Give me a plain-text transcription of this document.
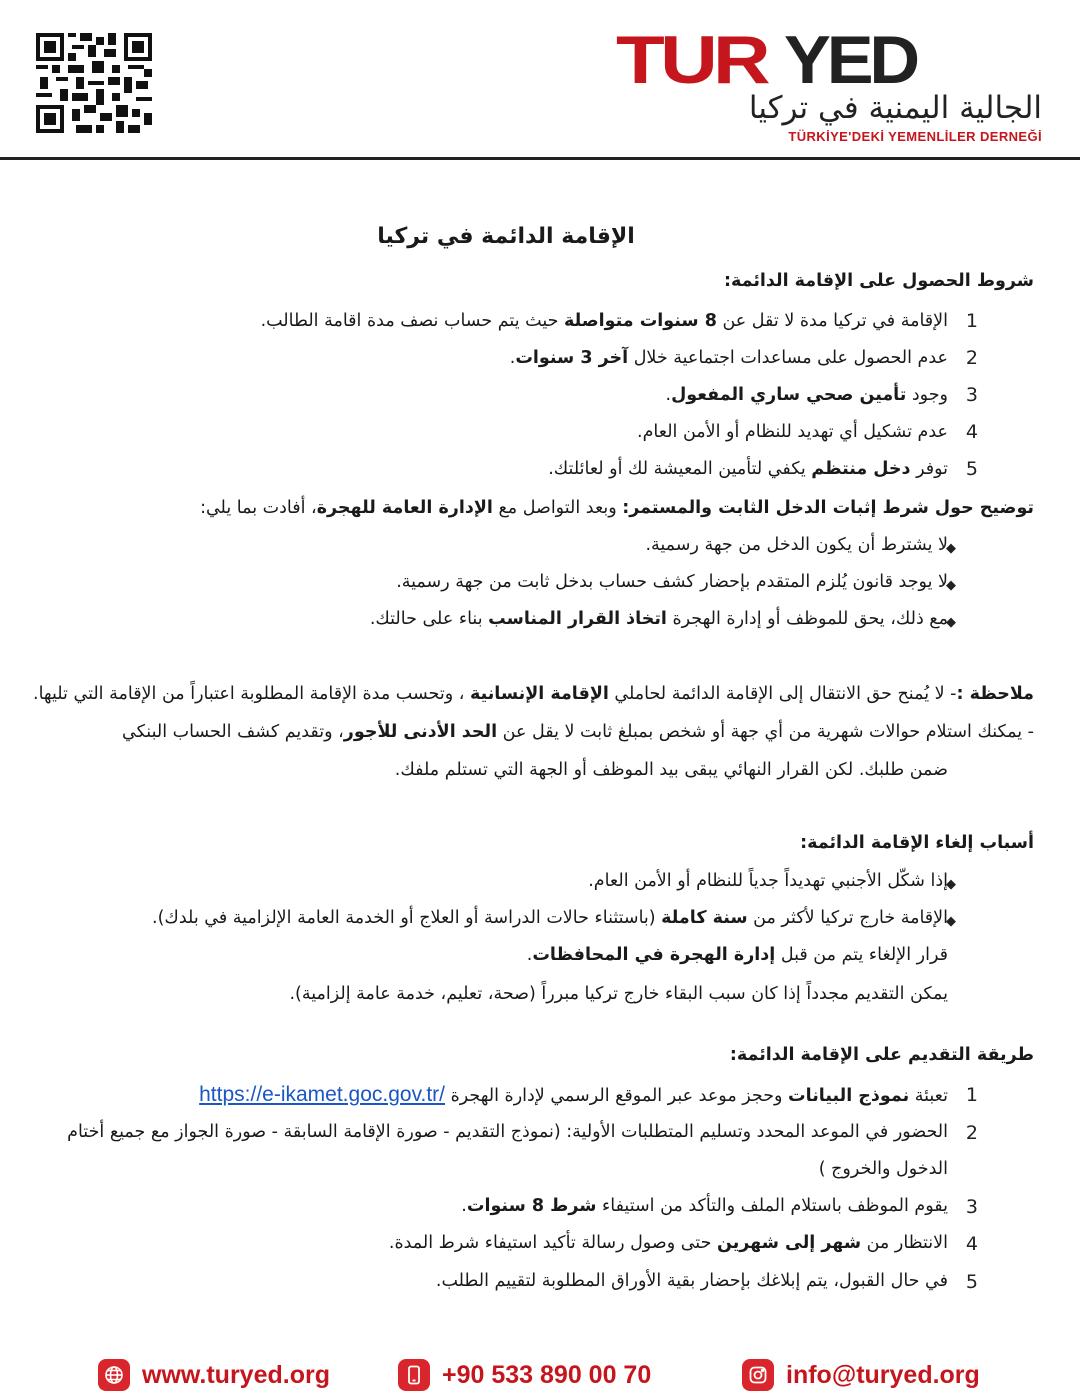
TUR YED
الجالية اليمنية في تركيا
TÜRKİYE'DEKİ YEMENLİLER DERNEĞİ
الإقامة الدائمة في تركيا
شروط الحصول على الإقامة الدائمة:
1
الإقامة في تركيا مدة لا تقل عن 8 سنوات متواصلة حيث يتم حساب نصف مدة اقامة الطالب.
2
عدم الحصول على مساعدات اجتماعية خلال آخر 3 سنوات.
3
وجود تأمين صحي ساري المفعول.
4
عدم تشكيل أي تهديد للنظام أو الأمن العام.
5
توفر دخل منتظم يكفي لتأمين المعيشة لك أو لعائلتك.
توضيح حول شرط إثبات الدخل الثابت والمستمر: وبعد التواصل مع الإدارة العامة للهجرة، أفادت بما يلي:
◆
لا يشترط أن يكون الدخل من جهة رسمية.
◆
لا يوجد قانون يُلزم المتقدم بإحضار كشف حساب بدخل ثابت من جهة رسمية.
◆
مع ذلك، يحق للموظف أو إدارة الهجرة اتخاذ القرار المناسب بناء على حالتك.
ملاحظة :- لا يُمنح حق الانتقال إلى الإقامة الدائمة لحاملي الإقامة الإنسانية ، وتحسب مدة الإقامة المطلوبة اعتباراً من الإقامة التي تليها.
- يمكنك استلام حوالات شهرية من أي جهة أو شخص بمبلغ ثابت لا يقل عن الحد الأدنى للأجور، وتقديم كشف الحساب البنكي
ضمن طلبك. لكن القرار النهائي يبقى بيد الموظف أو الجهة التي تستلم ملفك.
أسباب إلغاء الإقامة الدائمة:
◆
إذا شكّل الأجنبي تهديداً جدياً للنظام أو الأمن العام.
◆
الإقامة خارج تركيا لأكثر من سنة كاملة (باستثناء حالات الدراسة أو العلاج أو الخدمة العامة الإلزامية في بلدك).
قرار الإلغاء يتم من قبل إدارة الهجرة في المحافظات.
يمكن التقديم مجدداً إذا كان سبب البقاء خارج تركيا مبرراً (صحة، تعليم، خدمة عامة إلزامية).
طريقة التقديم على الإقامة الدائمة:
1
تعبئة نموذج البيانات وحجز موعد عبر الموقع الرسمي لإدارة الهجرة https://e-ikamet.goc.gov.tr/
2
الحضور في الموعد المحدد وتسليم المتطلبات الأولية: (نموذج التقديم - صورة الإقامة السابقة - صورة الجواز مع جميع أختام
الدخول والخروج )
3
يقوم الموظف باستلام الملف والتأكد من استيفاء شرط 8 سنوات.
4
الانتظار من شهر إلى شهرين حتى وصول رسالة تأكيد استيفاء شرط المدة.
5
في حال القبول، يتم إبلاغك بإحضار بقية الأوراق المطلوبة لتقييم الطلب.
www.turyed.org	+90 533 890 00 70	info@turyed.org
